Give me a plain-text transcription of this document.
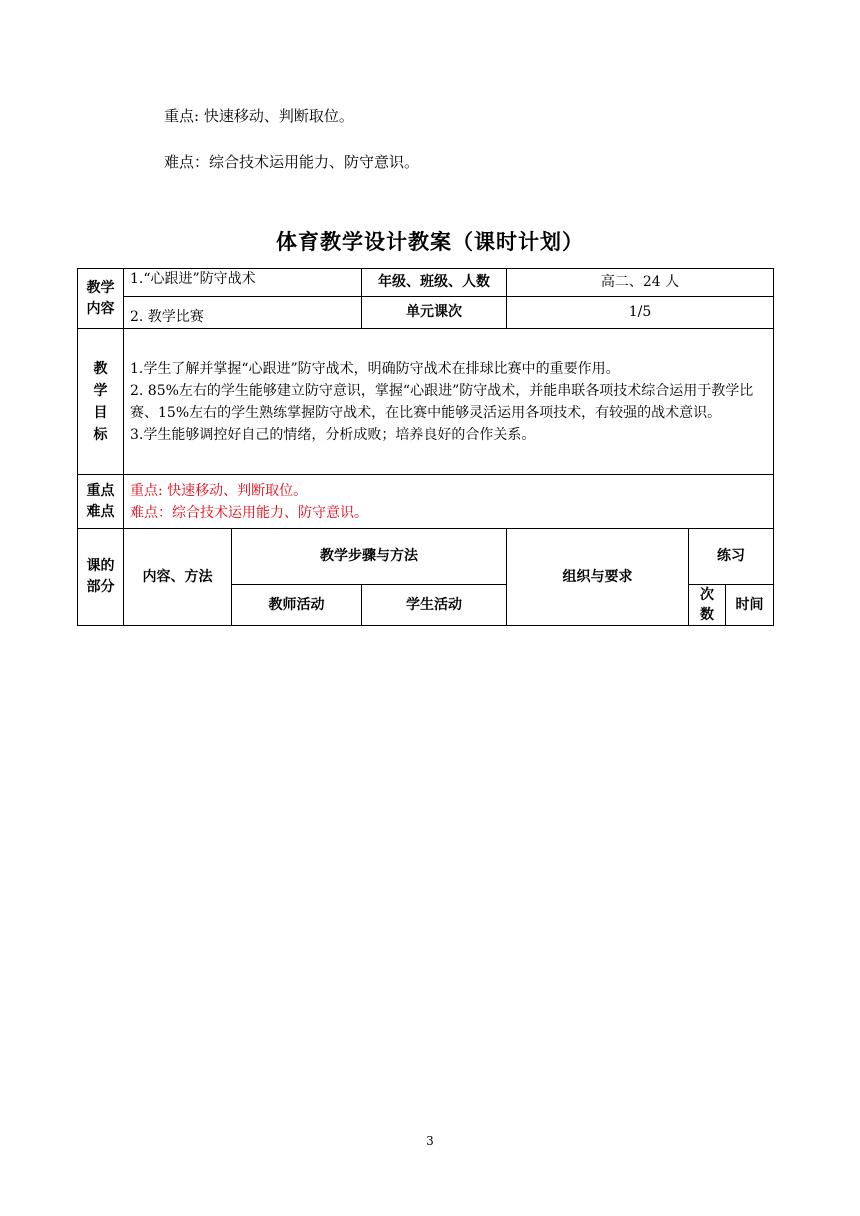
重点: 快速移动、判断取位。
难点：综合技术运用能力、防守意识。
体育教学设计教案（课时计划）
教学内容	1.“心跟进”防守战术		年级、班级、人数	高二、24 人		
	2. 教学比赛		单元课次	1/5		

教学目标	1.学生了解并掌握“心跟进”防守战术，明确防守战术在排球比赛中的重要作用。

2. 85%左右的学生能够建立防守意识，掌握“心跟进”防守战术，并能串联各项技术综合运用于教学比赛、15%左右的学生熟练掌握防守战术，在比赛中能够灵活运用各项技术，有较强的战术意识。

3.学生能够调控好自己的情绪，分析成败；培养良好的合作关系。					

重点难点	重点: 快速移动、判断取位。

难点：综合技术运用能力、防守意识。					

课的部分	内容、方法	教学步骤与方法		组织与要求	练习	
		教师活动	学生活动		次数	时间
3
